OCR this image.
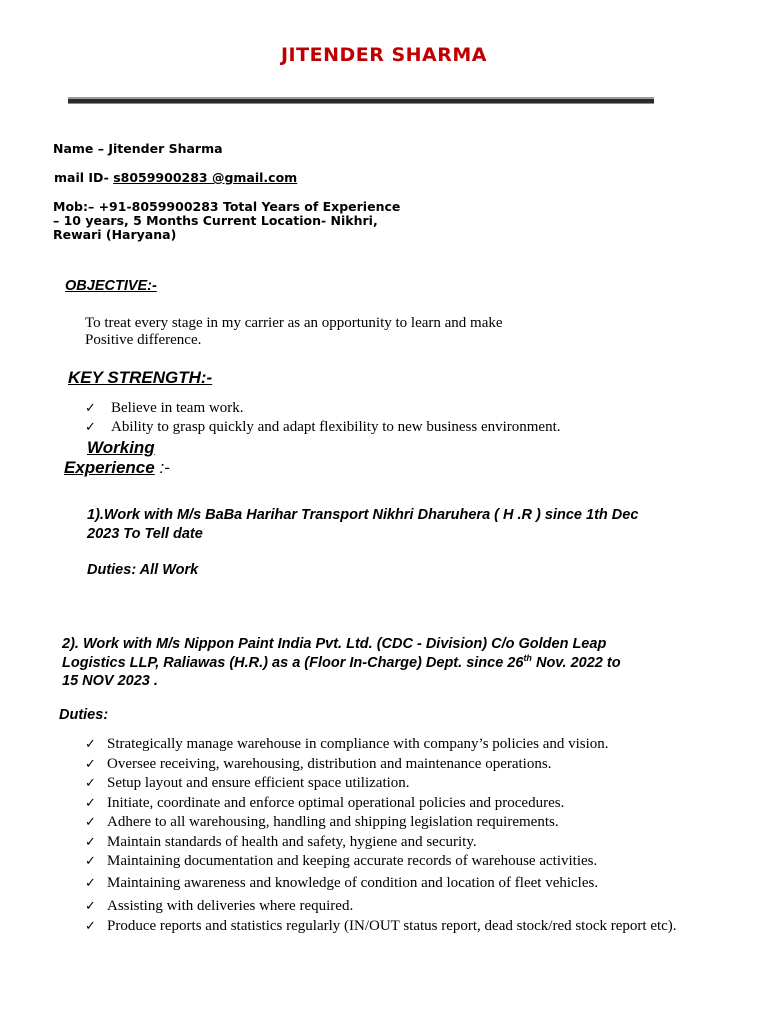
JITENDER SHARMA
Name – Jitender Sharma
mail ID- s8059900283 @gmail.com
Mob:– +91-8059900283 Total Years of Experience
– 10 years, 5 Months Current Location- Nikhri,
Rewari (Haryana)
OBJECTIVE:-
To treat every stage in my carrier as an opportunity to learn and make
Positive difference.
KEY STRENGTH:-
✓ Believe in team work.
✓ Ability to grasp quickly and adapt flexibility to new business environment.
Working
Experience :-
1).Work with M/s BaBa Harihar Transport Nikhri Dharuhera ( H .R ) since 1th Dec
2023 To Tell date
Duties: All Work
2). Work with M/s Nippon Paint India Pvt. Ltd. (CDC - Division) C/o Golden Leap
Logistics LLP, Raliawas (H.R.) as a (Floor In-Charge) Dept. since 26th Nov. 2022 to
15 NOV 2023 .
Duties:
✓ Strategically manage warehouse in compliance with company’s policies and vision.
✓ Oversee receiving, warehousing, distribution and maintenance operations.
✓ Setup layout and ensure efficient space utilization.
✓ Initiate, coordinate and enforce optimal operational policies and procedures.
✓ Adhere to all warehousing, handling and shipping legislation requirements.
✓ Maintain standards of health and safety, hygiene and security.
✓ Maintaining documentation and keeping accurate records of warehouse activities.
✓ Maintaining awareness and knowledge of condition and location of fleet vehicles.
✓ Assisting with deliveries where required.
✓ Produce reports and statistics regularly (IN/OUT status report, dead stock/red stock report etc).
